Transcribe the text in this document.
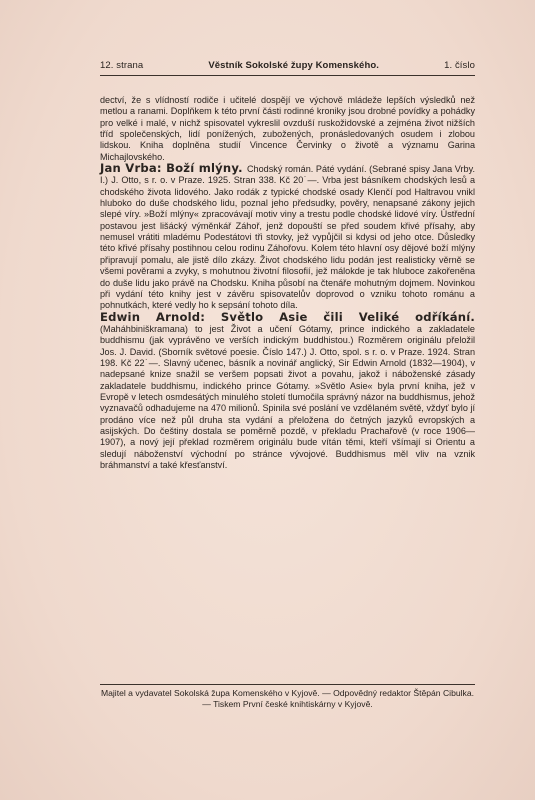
12. strana	Věstník Sokolské župy Komenského.	1. číslo

dectví, že s vlídností rodiče i učitelé dospějí ve výchově mládeže lepších výsledků než metlou a ranami. Doplňkem k této první části rodinné kroniky jsou drobné povídky a pohádky pro velké i malé, v nichž spisovatel vykreslil ovzduší ruskožidovské a zejména život nižších tříd společenských, lidí ponížených, zubožených, pronásledovaných osudem i zlobou lidskou. Kniha doplněna studií Vincence Červinky o životě a významu Garina Michajlovského.

Jan Vrba: Boží mlýny. Chodský román. Páté vydání. (Sebrané spisy Jana Vrby. I.) J. Otto, s r. o. v Praze. 1925. Stran 338. Kč 20˙—. Vrba jest básníkem chodských lesů a chodského života lidového. Jako rodák z typické chodské osady Klenčí pod Haltravou vnikl hluboko do duše chodského lidu, poznal jeho předsudky, pověry, nenapsané zákony jejich slepé víry. »Boží mlýny« zpracovávají motiv viny a trestu podle chodské lidové víry. Ústřední postavou jest lišácký výměnkář Záhoř, jenž dopouští se před soudem křivé přísahy, aby nemusel vrátiti mladému Podestátovi tři stovky, jež vypůjčil si kdysi od jeho otce. Důsledky této křivé přísahy postihnou celou rodinu Záhořovu. Kolem této hlavní osy dějové boží mlýny připravují pomalu, ale jistě dílo zkázy. Život chodského lidu podán jest realisticky věrně se všemi pověrami a zvyky, s mohutnou životní filosofií, jež málokde je tak hluboce zakořeněna do duše lidu jako právě na Chodsku. Kniha působí na čtenáře mohutným dojmem. Novinkou při vydání této knihy jest v závěru spisovatelův doprovod o vzniku tohoto románu a pohnutkách, které vedly ho k sepsání tohoto díla.

Edwin Arnold: Světlo Asie čili Veliké odříkání. (Maháhbiniškramana) to jest Život a učení Gótamy, prince indického a zakladatele buddhismu (jak vyprávěno ve verších indickým buddhistou.) Rozměrem originálu přeložil Jos. J. David. (Sborník světové poesie. Číslo 147.) J. Otto, spol. s r. o. v Praze. 1924. Stran 198. Kč 22˙—. Slavný učenec, básník a novinář anglický, Sir Edwin Arnold (1832—1904), v nadepsané knize snažil se veršem popsati život a povahu, jakož i náboženské zásady zakladatele buddhismu, indického prince Gótamy. »Světlo Asie« byla první kniha, jež v Evropě v letech osmdesátých minulého století tlumočila správný názor na buddhismus, jehož vyznavačů odhadujeme na 470 milionů. Spinila své poslání ve vzdělaném světě, vždyť bylo jí prodáno více než půl druha sta vydání a přeložena do četných jazyků evropských a asijských. Do češtiny dostala se poměrně pozdě, v překladu Prachařově (v roce 1906—1907), a nový její překlad rozměrem originálu bude vítán těmi, kteří všímají si Orientu a sledují náboženství východní po stránce vývojové. Buddhismus měl vliv na vznik bráhmanství a také křesťanství.

Majitel a vydavatel Sokolská župa Komenského v Kyjově. — Odpovědný redaktor Štěpán Cibulka. — Tiskem První české knihtiskárny v Kyjově.
